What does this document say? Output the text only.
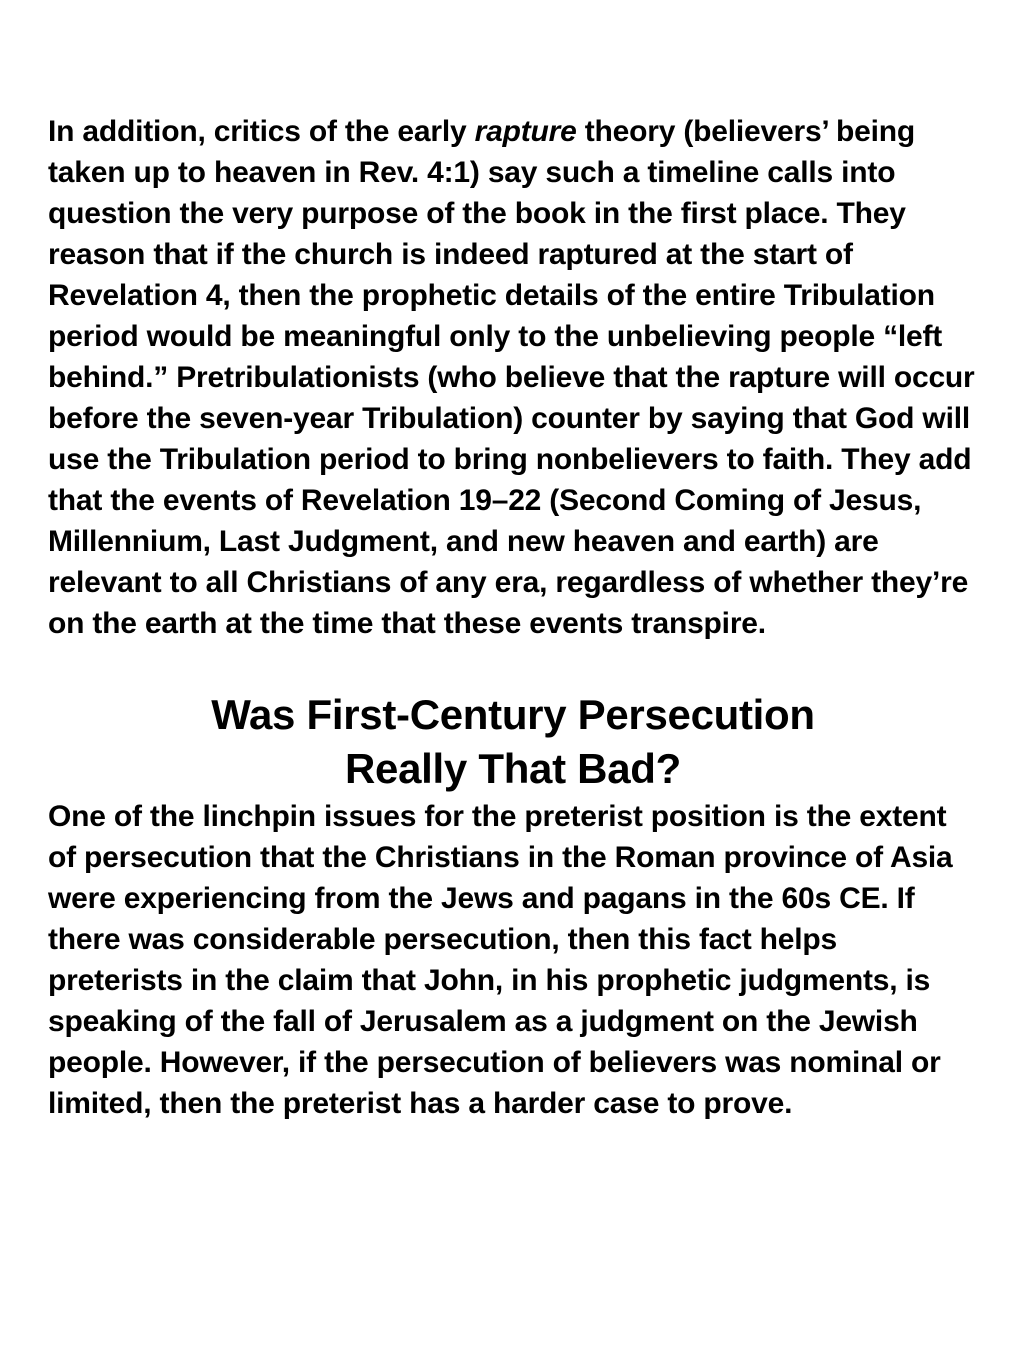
In addition, critics of the early rapture theory (believers’ being taken up to heaven in Rev. 4:1) say such a timeline calls into question the very purpose of the book in the first place. They reason that if the church is indeed raptured at the start of Revelation 4, then the prophetic details of the entire Tribulation period would be meaningful only to the unbelieving people “left behind.” Pretribulationists (who believe that the rapture will occur before the seven-year Tribulation) counter by saying that God will use the Tribulation period to bring nonbelievers to faith. They add that the events of Revelation 19–22 (Second Coming of Jesus, Millennium, Last Judgment, and new heaven and earth) are relevant to all Christians of any era, regardless of whether they’re on the earth at the time that these events transpire.

Was First-Century Persecution
Really That Bad?

One of the linchpin issues for the preterist position is the extent of persecution that the Christians in the Roman province of Asia were experiencing from the Jews and pagans in the 60s CE. If there was considerable persecution, then this fact helps preterists in the claim that John, in his prophetic judgments, is speaking of the fall of Jerusalem as a judgment on the Jewish people. However, if the persecution of believers was nominal or limited, then the preterist has a harder case to prove.
